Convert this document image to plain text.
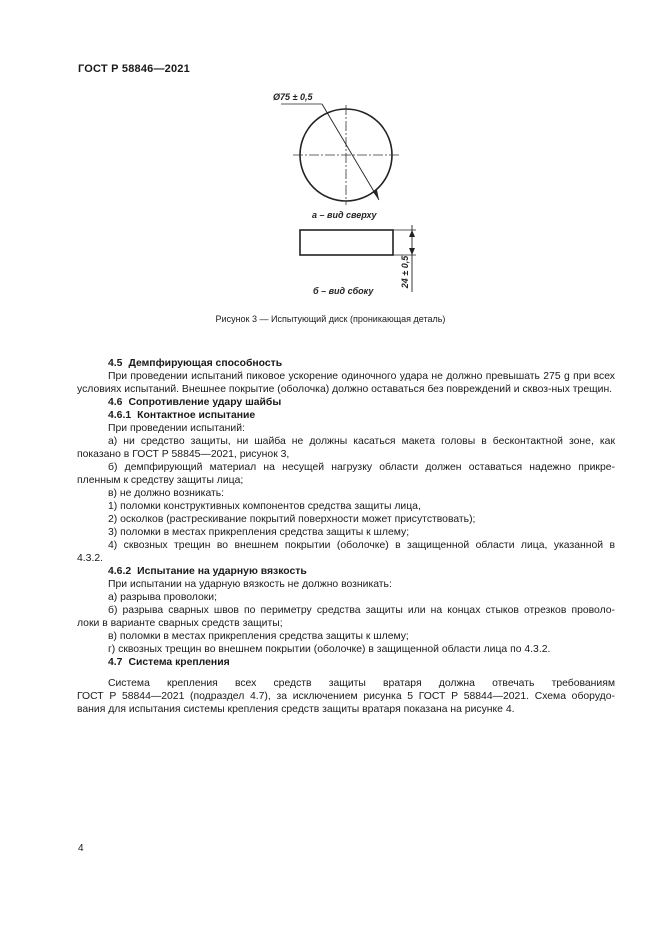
ГОСТ Р 58846—2021
Ø75 ± 0,5
а – вид сверху
б – вид сбоку
24 ± 0,5
Рисунок 3 — Испытующий диск (проникающая деталь)

4.5 Демпфирующая способность

При проведении испытаний пиковое ускорение одиночного удара не должно превышать 275 g при всех условиях испытаний. Внешнее покрытие (оболочка) должно оставаться без повреждений и сквоз-ных трещин.

4.6 Сопротивление удару шайбы

4.6.1 Контактное испытание

При проведении испытаний:

а) ни средство защиты, ни шайба не должны касаться макета головы в бесконтактной зоне, как

показано в ГОСТ Р 58845—2021, рисунок 3,

б) демпфирующий материал на несущей нагрузку области должен оставаться надежно прикре-

пленным к средству защиты лица;

в) не должно возникать:

1) поломки конструктивных компонентов средства защиты лица,

2) осколков (растрескивание покрытий поверхности может присутствовать);

3) поломки в местах прикрепления средства защиты к шлему;

4) сквозных трещин во внешнем покрытии (оболочке) в защищенной области лица, указанной в

4.3.2.

4.6.2 Испытание на ударную вязкость

При испытании на ударную вязкость не должно возникать:

а) разрыва проволоки;

б) разрыва сварных швов по периметру средства защиты или на концах стыков отрезков проволо-

локи в варианте сварных средств защиты;

в) поломки в местах прикрепления средства защиты к шлему;

г) сквозных трещин во внешнем покрытии (оболочке) в защищенной области лица по 4.3.2.

4.7 Система крепления

Система крепления всех средств защиты вратаря должна отвечать требованиям

ГОСТ Р 58844—2021 (подраздел 4.7), за исключением рисунка 5 ГОСТ Р 58844—2021. Схема оборудо-

вания для испытания системы крепления средств защиты вратаря показана на рисунке 4.

4
